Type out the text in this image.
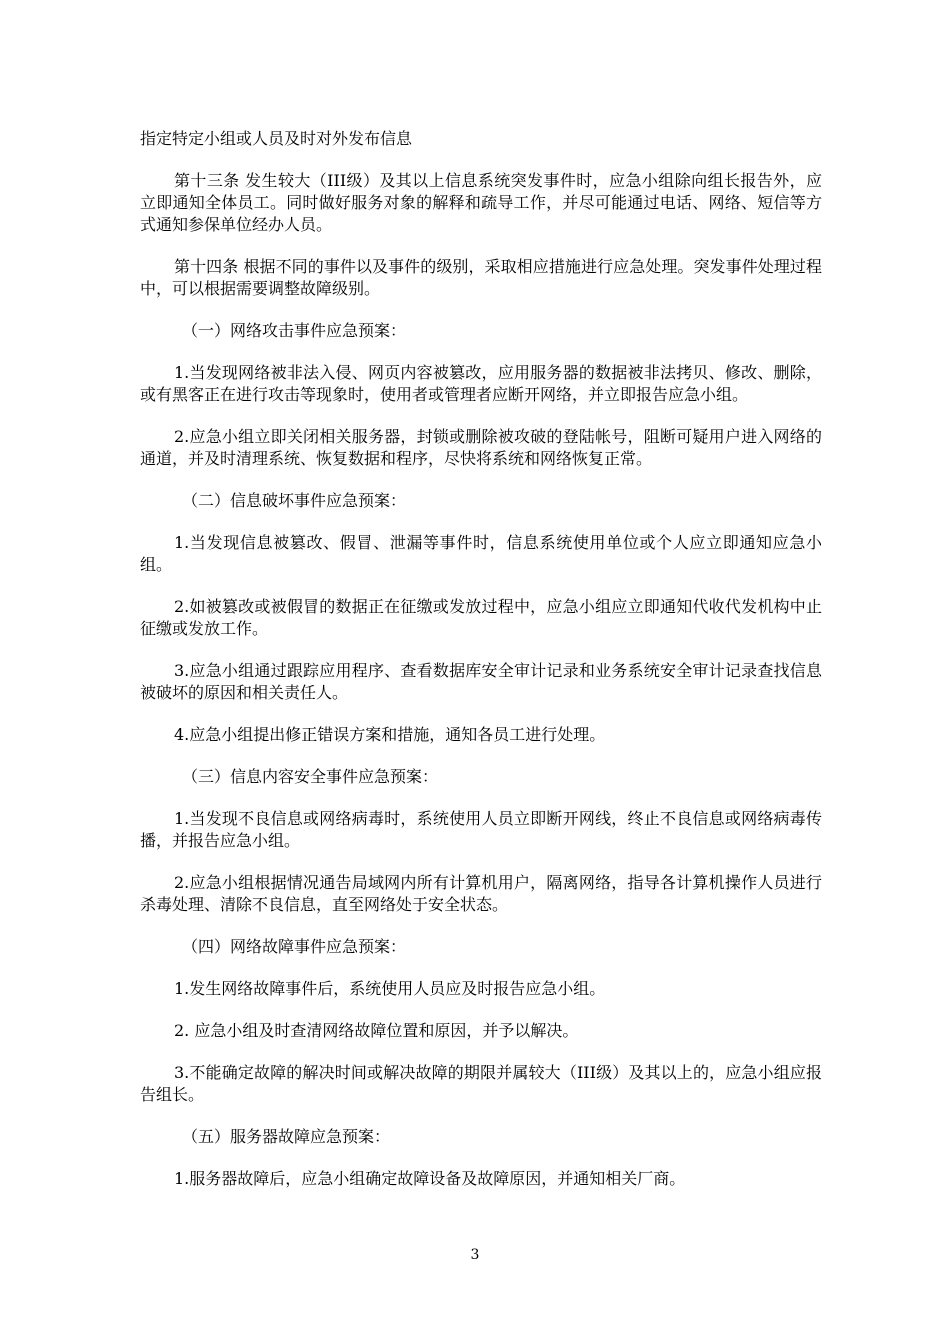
指定特定小组或人员及时对外发布信息

第十三条 发生较大（III级）及其以上信息系统突发事件时，应急小组除向组长报告外，应立即通知全体员工。同时做好服务对象的解释和疏导工作，并尽可能通过电话、网络、短信等方式通知参保单位经办人员。

第十四条 根据不同的事件以及事件的级别，采取相应措施进行应急处理。突发事件处理过程中，可以根据需要调整故障级别。

（一）网络攻击事件应急预案：

1.当发现网络被非法入侵、网页内容被篡改，应用服务器的数据被非法拷贝、修改、删除，或有黑客正在进行攻击等现象时，使用者或管理者应断开网络，并立即报告应急小组。

2.应急小组立即关闭相关服务器，封锁或删除被攻破的登陆帐号，阻断可疑用户进入网络的通道，并及时清理系统、恢复数据和程序，尽快将系统和网络恢复正常。

（二）信息破坏事件应急预案：

1.当发现信息被篡改、假冒、泄漏等事件时，信息系统使用单位或个人应立即通知应急小组。

2.如被篡改或被假冒的数据正在征缴或发放过程中，应急小组应立即通知代收代发机构中止征缴或发放工作。

3.应急小组通过跟踪应用程序、查看数据库安全审计记录和业务系统安全审计记录查找信息被破坏的原因和相关责任人。

4.应急小组提出修正错误方案和措施，通知各员工进行处理。

（三）信息内容安全事件应急预案：

1.当发现不良信息或网络病毒时，系统使用人员立即断开网线，终止不良信息或网络病毒传播，并报告应急小组。

2.应急小组根据情况通告局域网内所有计算机用户，隔离网络，指导各计算机操作人员进行杀毒处理、清除不良信息，直至网络处于安全状态。

（四）网络故障事件应急预案：

1.发生网络故障事件后，系统使用人员应及时报告应急小组。

2. 应急小组及时查清网络故障位置和原因，并予以解决。

3.不能确定故障的解决时间或解决故障的期限并属较大（III级）及其以上的，应急小组应报告组长。

（五）服务器故障应急预案：

1.服务器故障后，应急小组确定故障设备及故障原因，并通知相关厂商。

3
